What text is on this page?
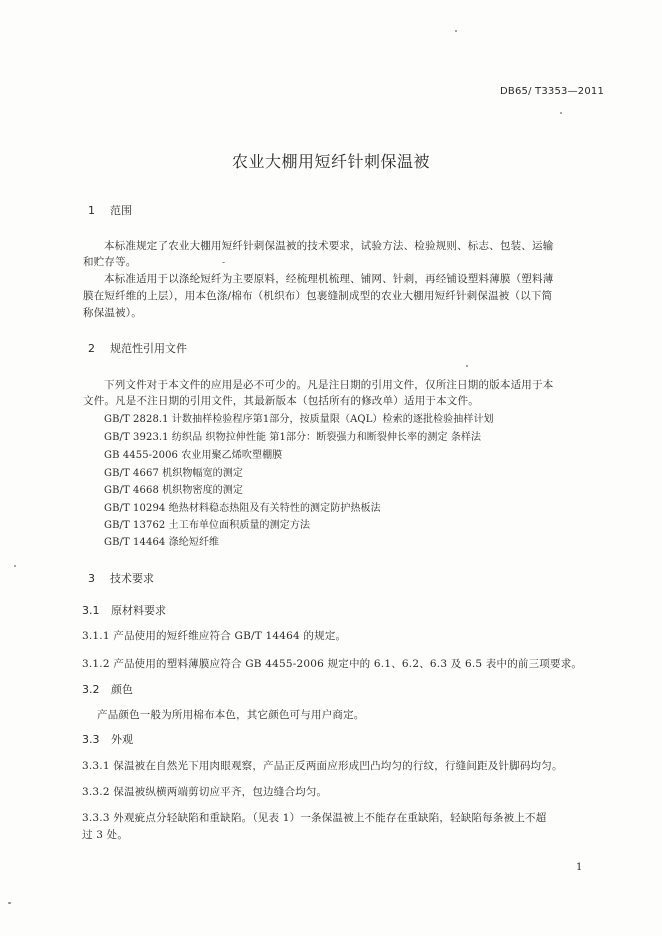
DB65/ T3353—2011
农业大棚用短纤针刺保温被
1 范围
本标准规定了农业大棚用短纤针刺保温被的技术要求，试验方法、检验规则、标志、包装、运输
和贮存等。
本标准适用于以涤纶短纤为主要原料，经梳理机梳理、铺网、针刺，再经铺设塑料薄膜（塑料薄
膜在短纤维的上层），用本色涤/棉布（机织布）包裹缝制成型的农业大棚用短纤针刺保温被（以下简
称保温被）。
2 规范性引用文件
下列文件对于本文件的应用是必不可少的。凡是注日期的引用文件，仅所注日期的版本适用于本
文件。凡是不注日期的引用文件，其最新版本（包括所有的修改单）适用于本文件。
GB/T 2828.1 计数抽样检验程序第1部分，按质量限（AQL）检索的逐批检验抽样计划
GB/T 3923.1 纺织品 织物拉伸性能 第1部分：断裂强力和断裂伸长率的测定 条样法
GB 4455-2006 农业用聚乙烯吹塑棚膜
GB/T 4667 机织物幅宽的测定
GB/T 4668 机织物密度的测定
GB/T 10294 绝热材料稳态热阻及有关特性的测定防护热板法
GB/T 13762 土工布单位面积质量的测定方法
GB/T 14464 涤纶短纤维
3 技术要求
3.1 原材料要求
3.1.1 产品使用的短纤维应符合 GB/T 14464 的规定。
3.1.2 产品使用的塑料薄膜应符合 GB 4455-2006 规定中的 6.1、6.2、6.3 及 6.5 表中的前三项要求。
3.2 颜色
产品颜色一般为所用棉布本色，其它颜色可与用户商定。
3.3 外观
3.3.1 保温被在自然光下用肉眼观察，产品正反两面应形成凹凸均匀的行纹，行缝间距及针脚码均匀。
3.3.2 保温被纵横两端剪切应平齐，包边缝合均匀。
3.3.3 外观疵点分轻缺陷和重缺陷。（见表 1）一条保温被上不能存在重缺陷，轻缺陷每条被上不超
过 3 处。
1
